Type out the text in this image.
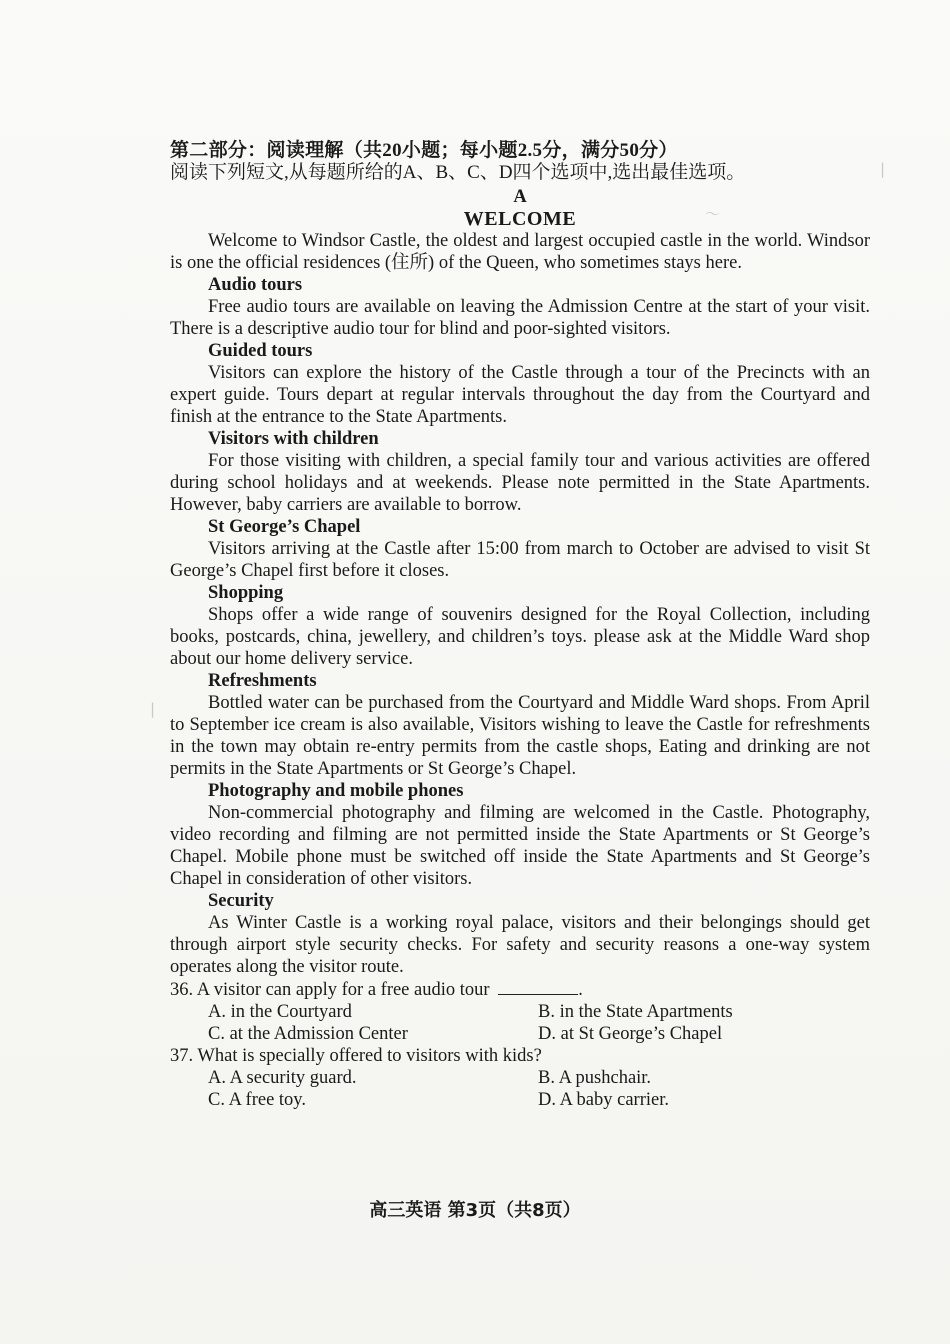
〜
|
|
第二部分：阅读理解（共20小题；每小题2.5分，满分50分）
阅读下列短文,从每题所给的A、B、C、D四个选项中,选出最佳选项。
A
WELCOME

Welcome to Windsor Castle, the oldest and largest occupied castle in the world. Windsor is one the official residences (住所) of the Queen, who sometimes stays here.

Audio tours

Free audio tours are available on leaving the Admission Centre at the start of your visit. There is a descriptive audio tour for blind and poor-sighted visitors.

Guided tours

Visitors can explore the history of the Castle through a tour of the Precincts with an expert guide. Tours depart at regular intervals throughout the day from the Courtyard and finish at the entrance to the State Apartments.

Visitors with children

For those visiting with children, a special family tour and various activities are offered during school holidays and at weekends. Please note permitted in the State Apartments. However, baby carriers are available to borrow.

St George’s Chapel

Visitors arriving at the Castle after 15:00 from march to October are advised to visit St George’s Chapel first before it closes.

Shopping

Shops offer a wide range of souvenirs designed for the Royal Collection, including books, postcards, china, jewellery, and children’s toys. please ask at the Middle Ward shop about our home delivery service.

Refreshments

Bottled water can be purchased from the Courtyard and Middle Ward shops. From April to September ice cream is also available, Visitors wishing to leave the Castle for refreshments in the town may obtain re-entry permits from the castle shops, Eating and drinking are not permits in the State Apartments or St George’s Chapel.

Photography and mobile phones

Non-commercial photography and filming are welcomed in the Castle. Photography, video recording and filming are not permitted inside the State Apartments or St George’s Chapel. Mobile phone must be switched off inside the State Apartments and St George’s Chapel in consideration of other visitors.

Security

As Winter Castle is a working royal palace, visitors and their belongings should get through airport style security checks. For safety and security reasons a one-way system operates along the visitor route.

36. A visitor can apply for a free audio tour	.
A. in the Courtyard	B. in the State Apartments
C. at the Admission Center	D. at St George’s Chapel
37. What is specially offered to visitors with kids?
A. A security guard.	B. A pushchair.
C. A free toy.	D. A baby carrier.
高三英语 第3页（共8页）
